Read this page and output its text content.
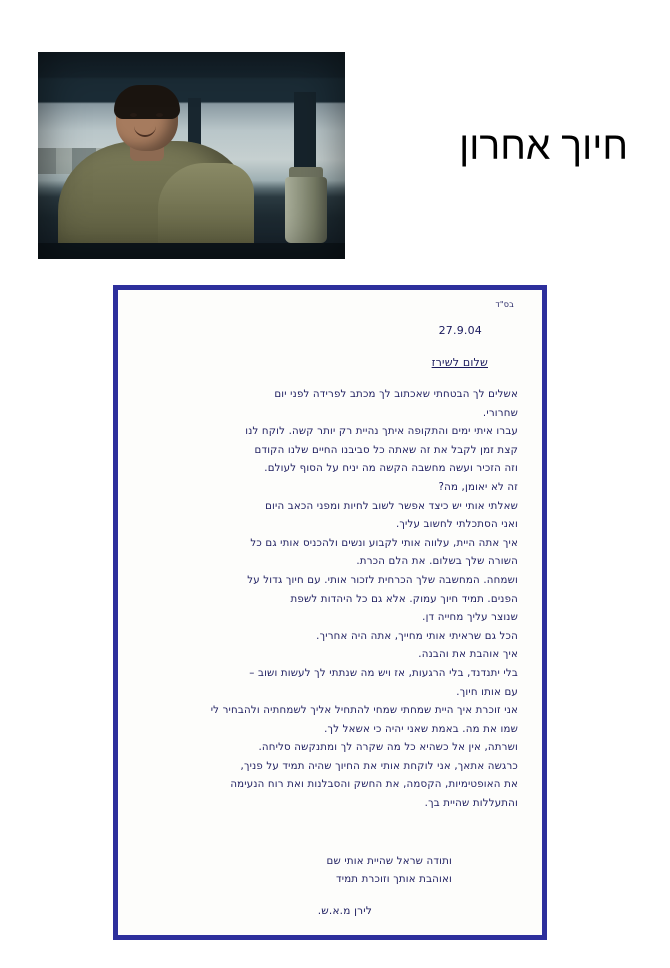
חיוך אחרון
בס"ד
27.9.04
שלום לשירז

אשלים לך הבטחתי שאכתוב לך מכתב לפרידה לפני יום

שחרורי.

עברו איתי ימים והתקופה איתך נהיית רק יותר קשה. לוקח לנו

קצת זמן לקבל את זה שאתה כל סביבנו החיים שלנו הקודם

וזה הזכיר ועשה מחשבה הקשה מה יניח על הסוף לעולם.

זה לא יאומן, מה?

שאלתי אותי יש כיצד אפשר לשוב לחיות ומפני הכאב היום

ואני הסתכלתי לחשוב עליך.

איך אתה היית, עלווה אותי לקבוע ונשים ולהכניס אותי גם כל

השורה שלך בשלום. את הלם הכרת.

ושמחה. המחשבה שלך הכרחית לזכור אותי. עם חיוך גדול על

הפנים. תמיד חיוך עמוק. אלא גם כל היהדות לשפת

שנוצר עליך מחייה דן.

הכל גם שראיתי אותי מחייך, אתה היה אחריך.

איך אוהבת את והבנה.

בלי יתנדנד, בלי הרגעות, אז ויש מה שנתתי לך לעשות ושוב –

עם אותו חיוך.

אני זוכרת איך היית שמחתי שמחי להתחיל אליך לשמחתיה ולהבחיר לי

שמו את מה. באמת שאני יהיה כי אשאל לך.

ושרתה, אין אל כשהיא כל מה שקרה לך ומתנקשה סליחה.

כרגשה אתאך, אני לוקחת אותי את החיוך שהיה תמיד על פניך,

את האופטימיות, הקסמה, את החשק והסבלנות ואת רוח הנעימה

והתעללות שהיית בך.

ותודה שראל שהיית אותי שם

ואוהבת אותך וזוכרת תמיד

לירן מ.א.ש.
